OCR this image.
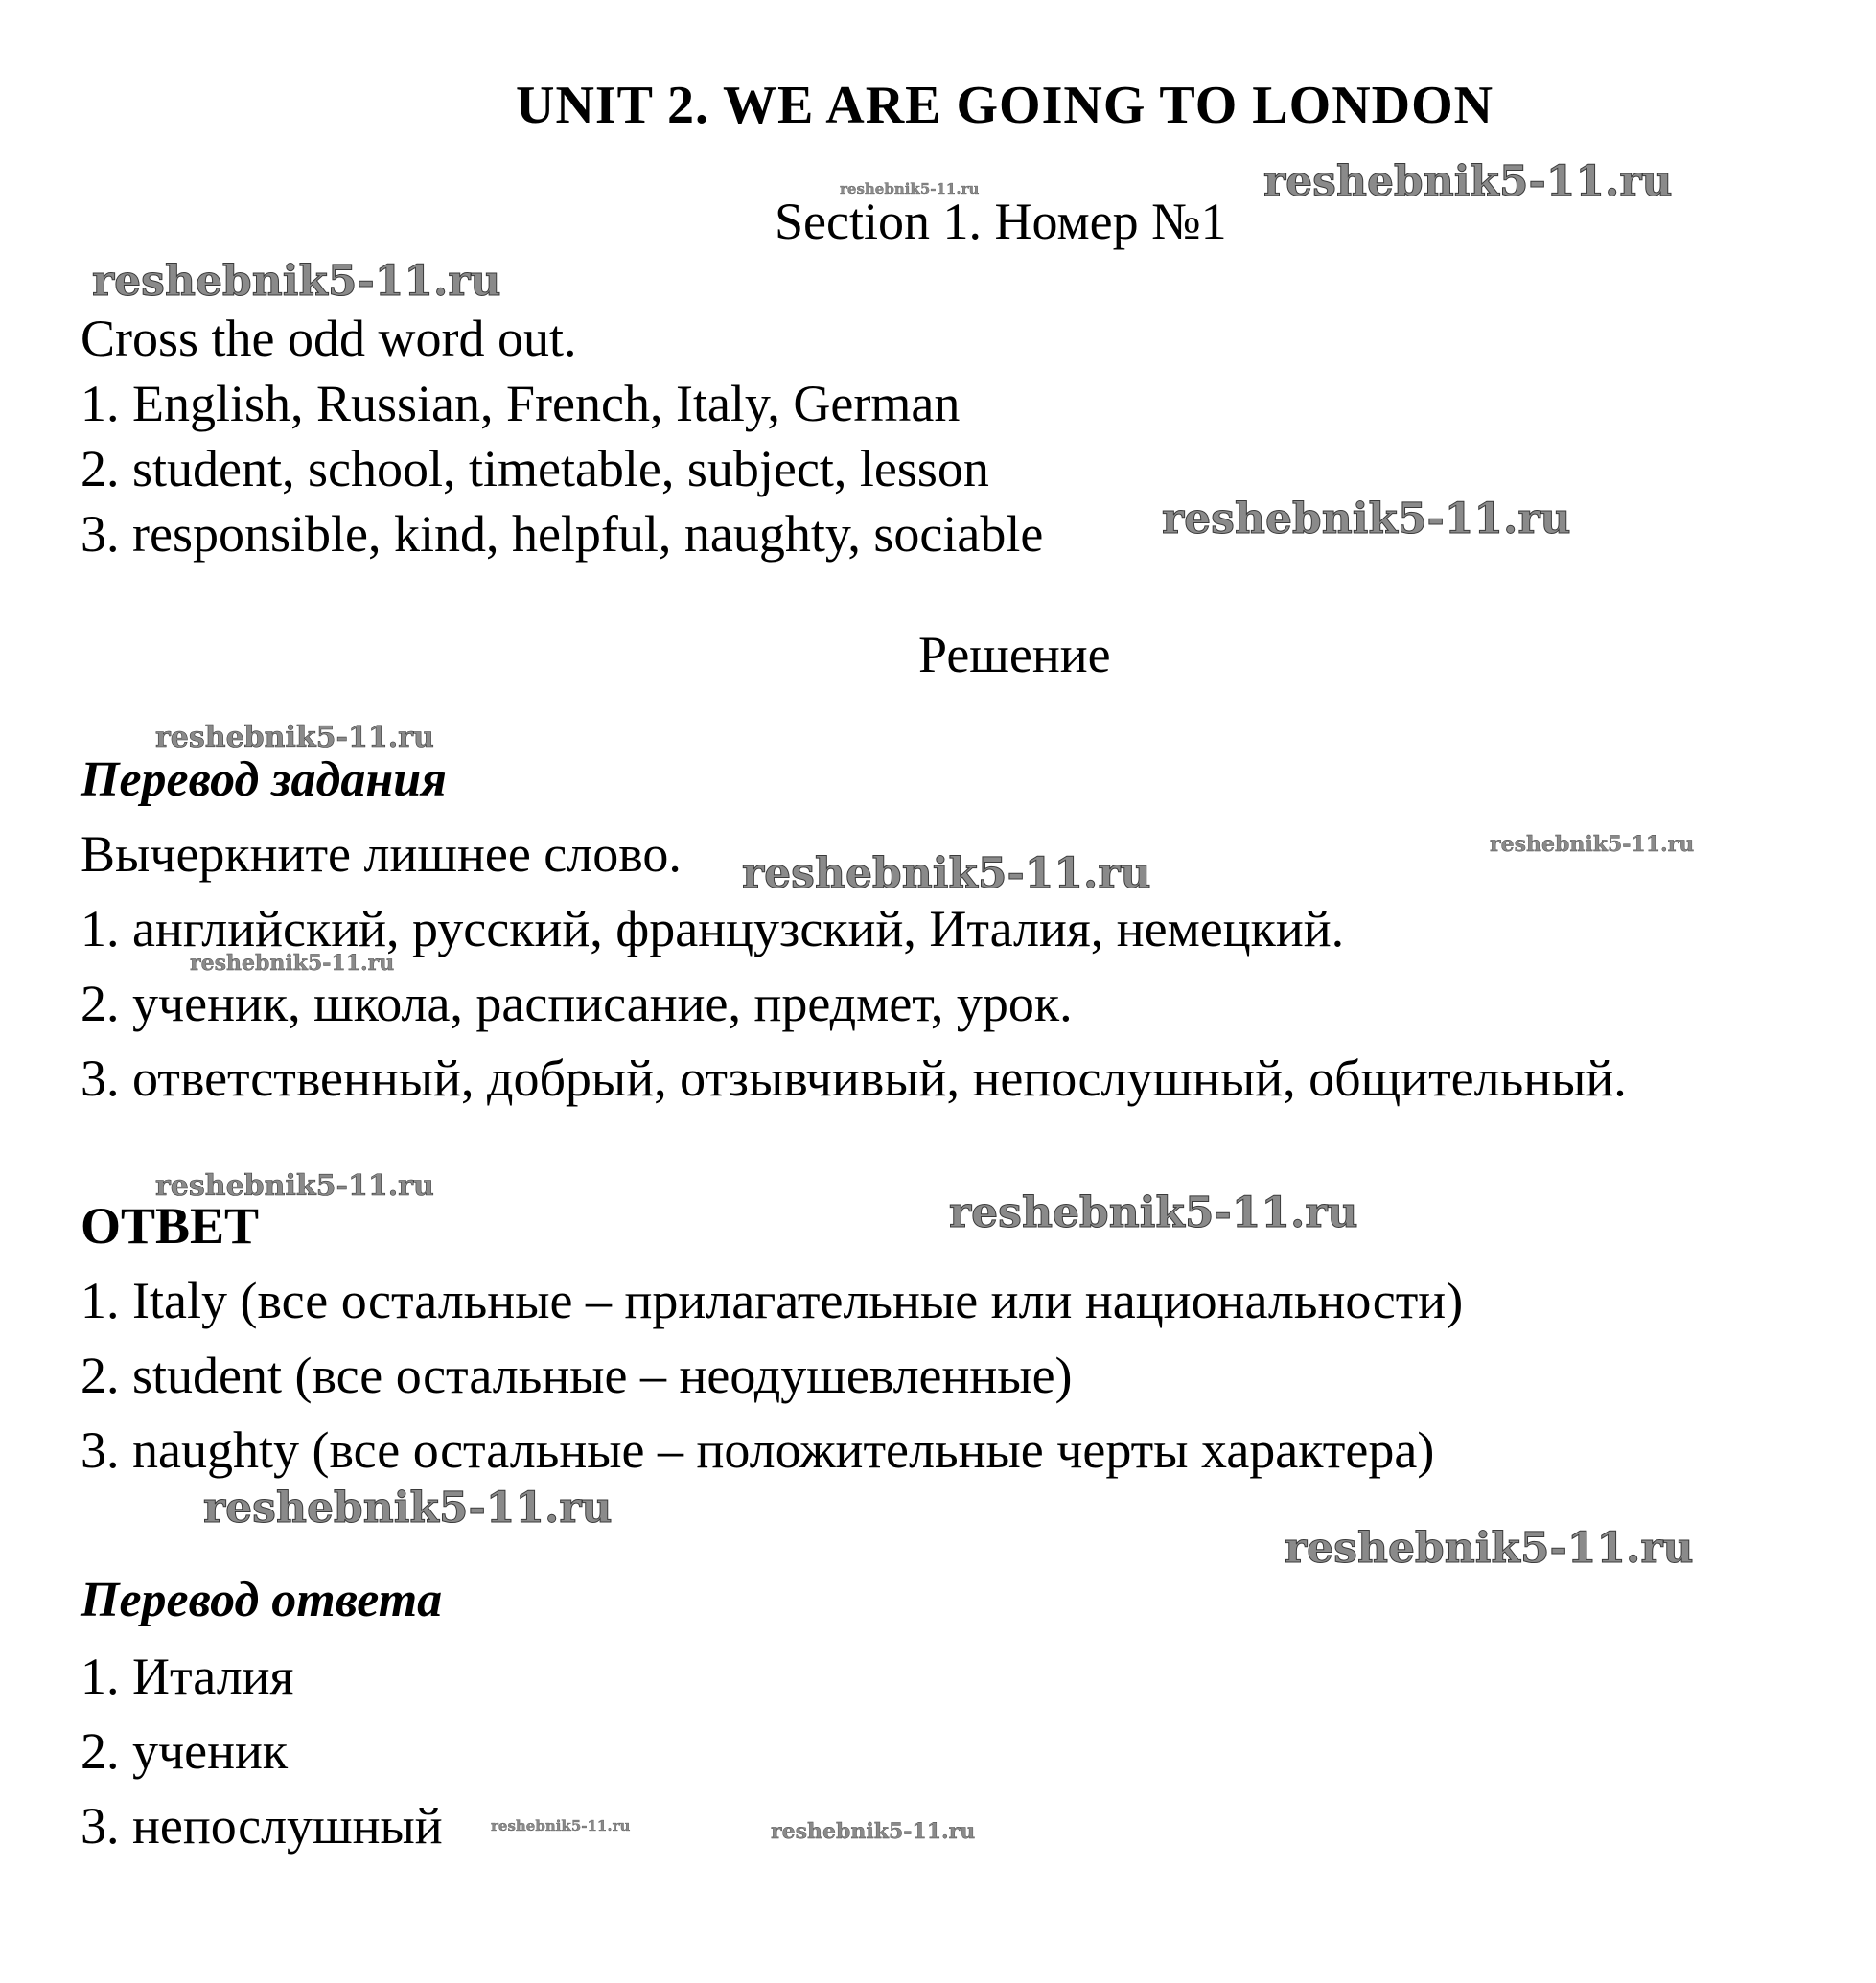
UNIT 2. WE ARE GOING TO LONDON
Section 1. Номер №1
Cross the odd word out.
1. English, Russian, French, Italy, German
2. student, school, timetable, subject, lesson
3. responsible, kind, helpful, naughty, sociable
Решение
Перевод задания
Вычеркните лишнее слово.
1. английский, русский, французский, Италия, немецкий.
2. ученик, школа, расписание, предмет, урок.
3. ответственный, добрый, отзывчивый, непослушный, общительный.
ОТВЕТ
1. Italy (все остальные – прилагательные или национальности)
2. student (все остальные – неодушевленные)
3. naughty (все остальные – положительные черты характера)
Перевод ответа
1. Италия
2. ученик
3. непослушный
reshebnik5-11.ru	reshebnik5-11.ru
reshebnik5-11.ru
reshebnik5-11.ru
reshebnik5-11.ru
reshebnik5-11.ru
reshebnik5-11.ru
reshebnik5-11.ru
reshebnik5-11.ru
reshebnik5-11.ru
reshebnik5-11.ru
reshebnik5-11.ru
reshebnik5-11.ru	reshebnik5-11.ru
